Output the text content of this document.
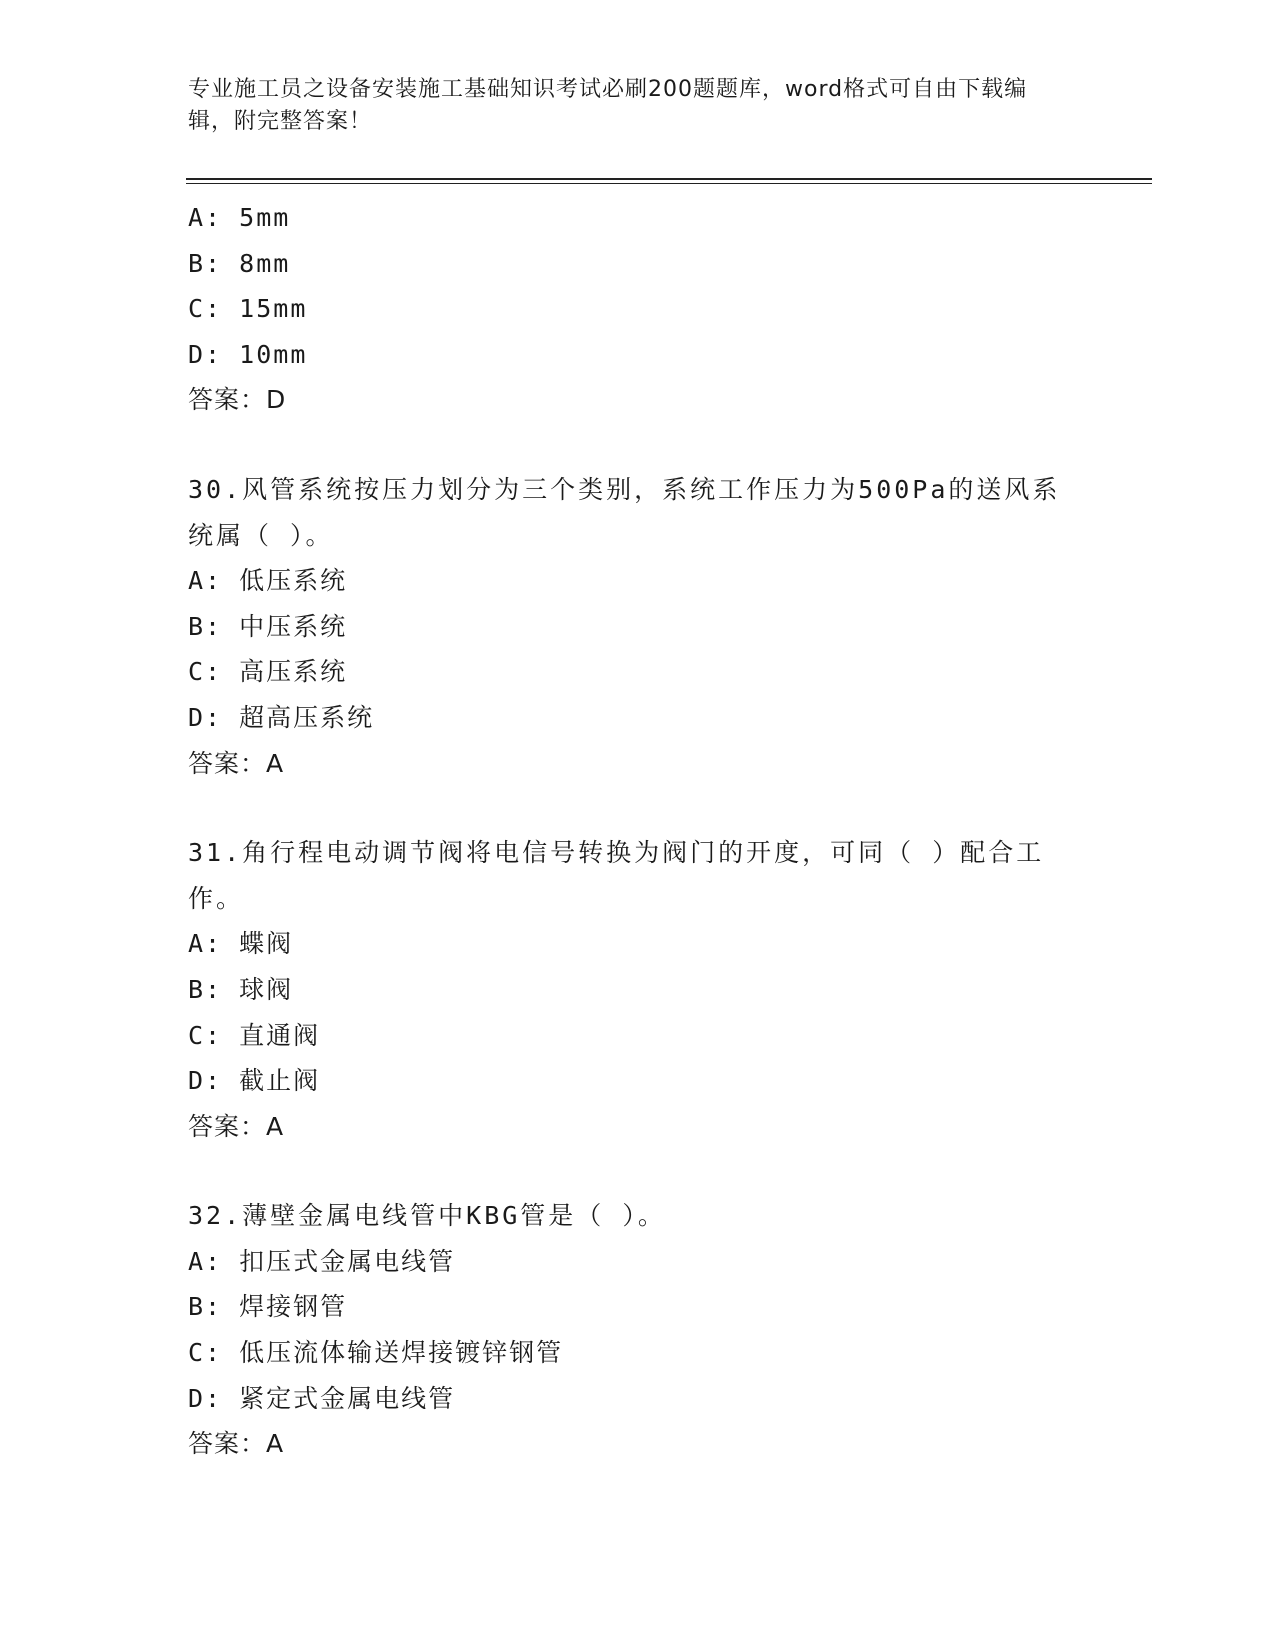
专业施工员之设备安装施工基础知识考试必刷200题题库，word格式可自由下载编辑，附完整答案！
A: 5mm
B: 8mm
C: 15mm
D: 10mm
答案：D
30.风管系统按压力划分为三个类别，系统工作压力为500Pa的送风系统属（ ）。
A: 低压系统
B: 中压系统
C: 高压系统
D: 超高压系统
答案：A
31.角行程电动调节阀将电信号转换为阀门的开度，可同（ ）配合工作。
A: 蝶阀
B: 球阀
C: 直通阀
D: 截止阀
答案：A
32.薄壁金属电线管中KBG管是（ ）。
A: 扣压式金属电线管
B: 焊接钢管
C: 低压流体输送焊接镀锌钢管
D: 紧定式金属电线管
答案：A
